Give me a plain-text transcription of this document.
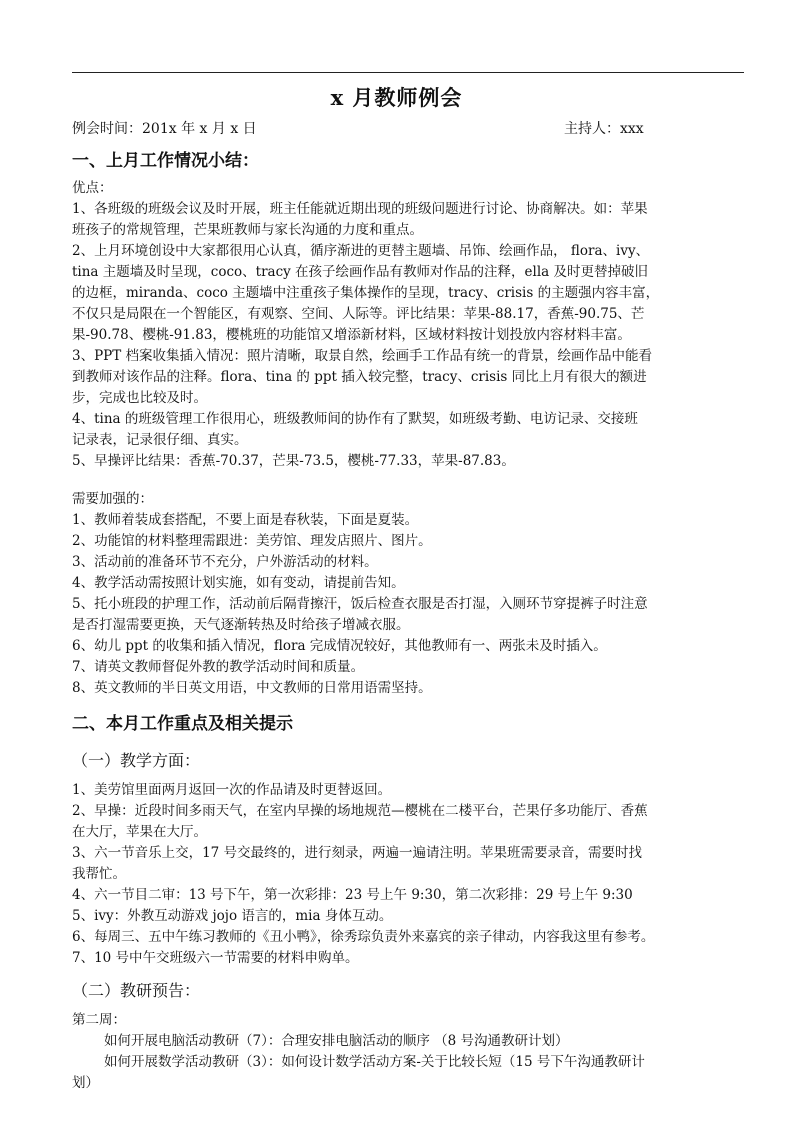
x 月教师例会
例会时间：201x 年 x 月 x 日	主持人：xxx
一、上月工作情况小结：
优点：
1、各班级的班级会议及时开展，班主任能就近期出现的班级问题进行讨论、协商解决。如：苹果
班孩子的常规管理，芒果班教师与家长沟通的力度和重点。
2、上月环境创设中大家都很用心认真，循序渐进的更替主题墙、吊饰、绘画作品， flora、ivy、
tina 主题墙及时呈现，coco、tracy 在孩子绘画作品有教师对作品的注释，ella 及时更替掉破旧
的边框，miranda、coco 主题墙中注重孩子集体操作的呈现，tracy、crisis 的主题强内容丰富，
不仅只是局限在一个智能区，有观察、空间、人际等。评比结果：苹果-88.17，香蕉-90.75、芒
果-90.78、樱桃-91.83，樱桃班的功能馆又增添新材料，区域材料按计划投放内容材料丰富。
3、PPT 档案收集插入情况：照片清晰，取景自然，绘画手工作品有统一的背景，绘画作品中能看
到教师对该作品的注释。flora、tina 的 ppt 插入较完整，tracy、crisis 同比上月有很大的额进
步，完成也比较及时。
4、tina 的班级管理工作很用心，班级教师间的协作有了默契，如班级考勤、电访记录、交接班
记录表，记录很仔细、真实。
5、早操评比结果：香蕉-70.37，芒果-73.5，樱桃-77.33，苹果-87.83。
需要加强的：
1、教师着装成套搭配，不要上面是春秋装，下面是夏装。
2、功能馆的材料整理需跟进：美劳馆、理发店照片、图片。
3、活动前的准备环节不充分，户外游活动的材料。
4、教学活动需按照计划实施，如有变动，请提前告知。
5、托小班段的护理工作，活动前后隔背擦汗，饭后检查衣服是否打湿，入厕环节穿提裤子时注意
是否打湿需要更换，天气逐渐转热及时给孩子增减衣服。
6、幼儿 ppt 的收集和插入情况，flora 完成情况较好，其他教师有一、两张未及时插入。
7、请英文教师督促外教的教学活动时间和质量。
8、英文教师的半日英文用语，中文教师的日常用语需坚持。
二、本月工作重点及相关提示
（一）教学方面：
1、美劳馆里面两月返回一次的作品请及时更替返回。
2、早操：近段时间多雨天气，在室内早操的场地规范—樱桃在二楼平台，芒果仔多功能厅、香蕉
在大厅，苹果在大厅。
3、六一节音乐上交，17 号交最终的，进行刻录，两遍一遍请注明。苹果班需要录音，需要时找
我帮忙。
4、六一节目二审：13 号下午，第一次彩排：23 号上午 9:30，第二次彩排：29 号上午 9:30
5、ivy：外教互动游戏 jojo 语言的，mia 身体互动。
6、每周三、五中午练习教师的《丑小鸭》，徐秀琮负责外来嘉宾的亲子律动，内容我这里有参考。
7、10 号中午交班级六一节需要的材料申购单。
（二）教研预告：
第二周：
如何开展电脑活动教研（7）：合理安排电脑活动的顺序 （8 号沟通教研计划）
如何开展数学活动教研（3）：如何设计数学活动方案-关于比较长短（15 号下午沟通教研计
划）
